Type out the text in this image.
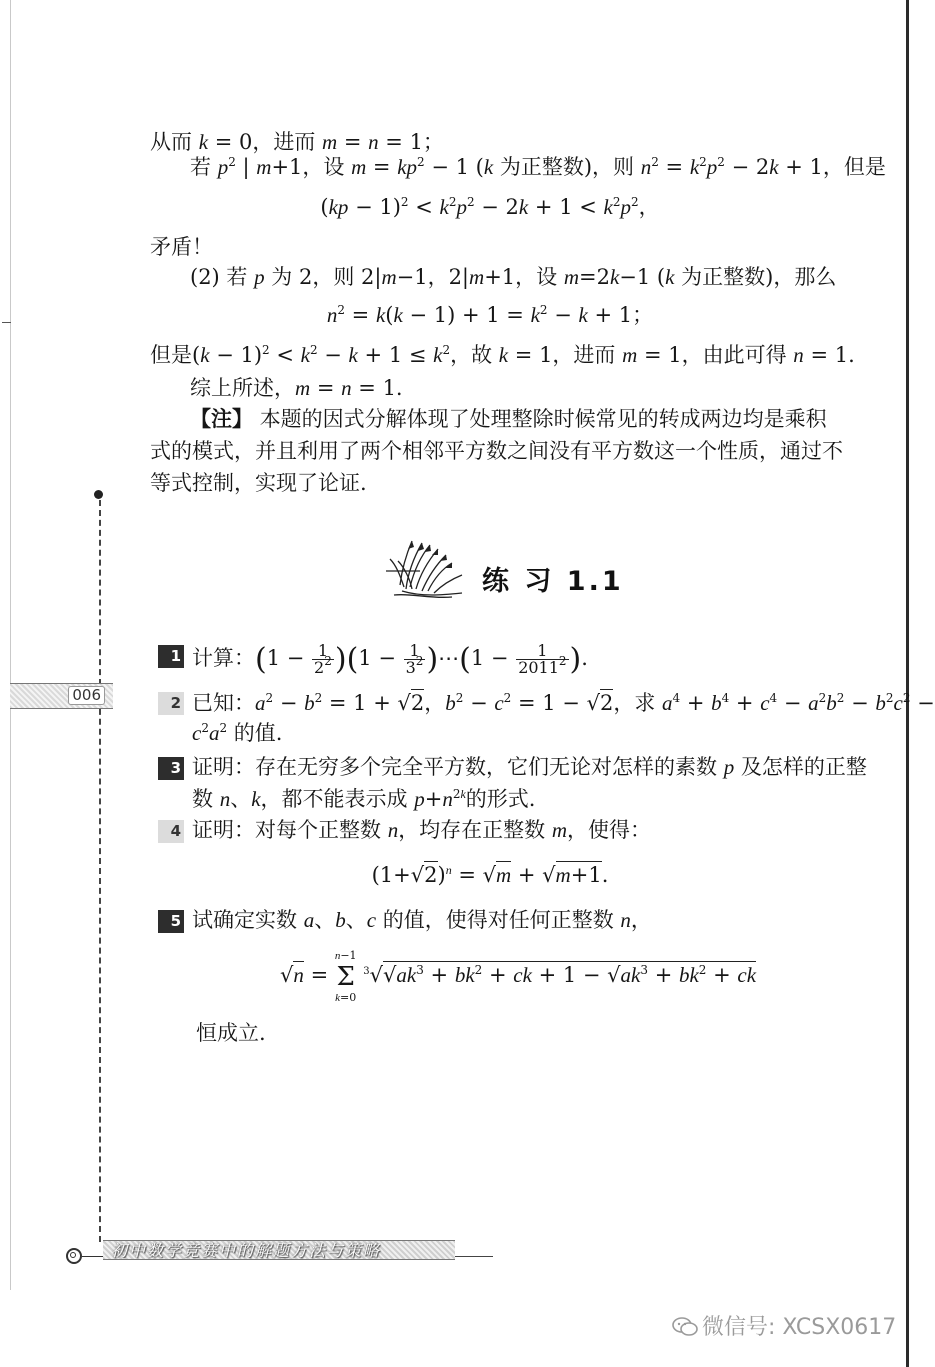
006
从而 k = 0，进而 m = n = 1；
若 $p^2$ | m+1，设 $m = kp^2 - 1$ (k 为正整数)，则 $n^2 = k^2p^2 - 2k + 1$，但是
$(kp - 1)^2 < k^2p^2 - 2k + 1 < k^2p^2$，
矛盾！
(2) 若 p 为 2，则 2|m−1，2|m+1，设 m=2k−1 (k 为正整数)，那么
$n^2 = k(k - 1) + 1 = k^2 - k + 1$；
但是$(k - 1)^2 < k^2 - k + 1 \le k^2$，故 k = 1，进而 m = 1，由此可得 n = 1.
综上所述，m = n = 1.
【注】 本题的因式分解体现了处理整除时候常见的转成两边均是乘积
式的模式，并且利用了两个相邻平方数之间没有平方数这一个性质，通过不
等式控制，实现了论证.
练 习 1.1
1 计算：$(1 - \frac{1}{2^2} )(1 - \frac{1}{3^2}$ )⋯(1 − $\frac{1}{2011^2}$ ).
2 已知：$a^2 - b^2 = 1 + √2$，$b^2 - c^2 = 1 - √2$，求 $a^4 + b^4 + c^4 - a^2b^2 - b^2c^2$ −
$c^2a^2$ 的值.
3 证明：存在无穷多个完全平方数，它们无论对怎样的素数 p 及怎样的正整
数 n、k，都不能表示成 $p+n^{2k}$的形式.
4 证明：对每个正整数 n，均存在正整数 m，使得：
$(1+√2)^n = √m + √m+1$.
5 试确定实数 a、b、c 的值，使得对任何正整数 n，
√n =
n−1
Σ
k=0
$^3√√ak^3 + bk^2$ + ck + $1 - √ak^3 + bk^2$ + ck
恒成立.
初中数学竞赛中的解题方法与策略
微信号: XCSX0617
